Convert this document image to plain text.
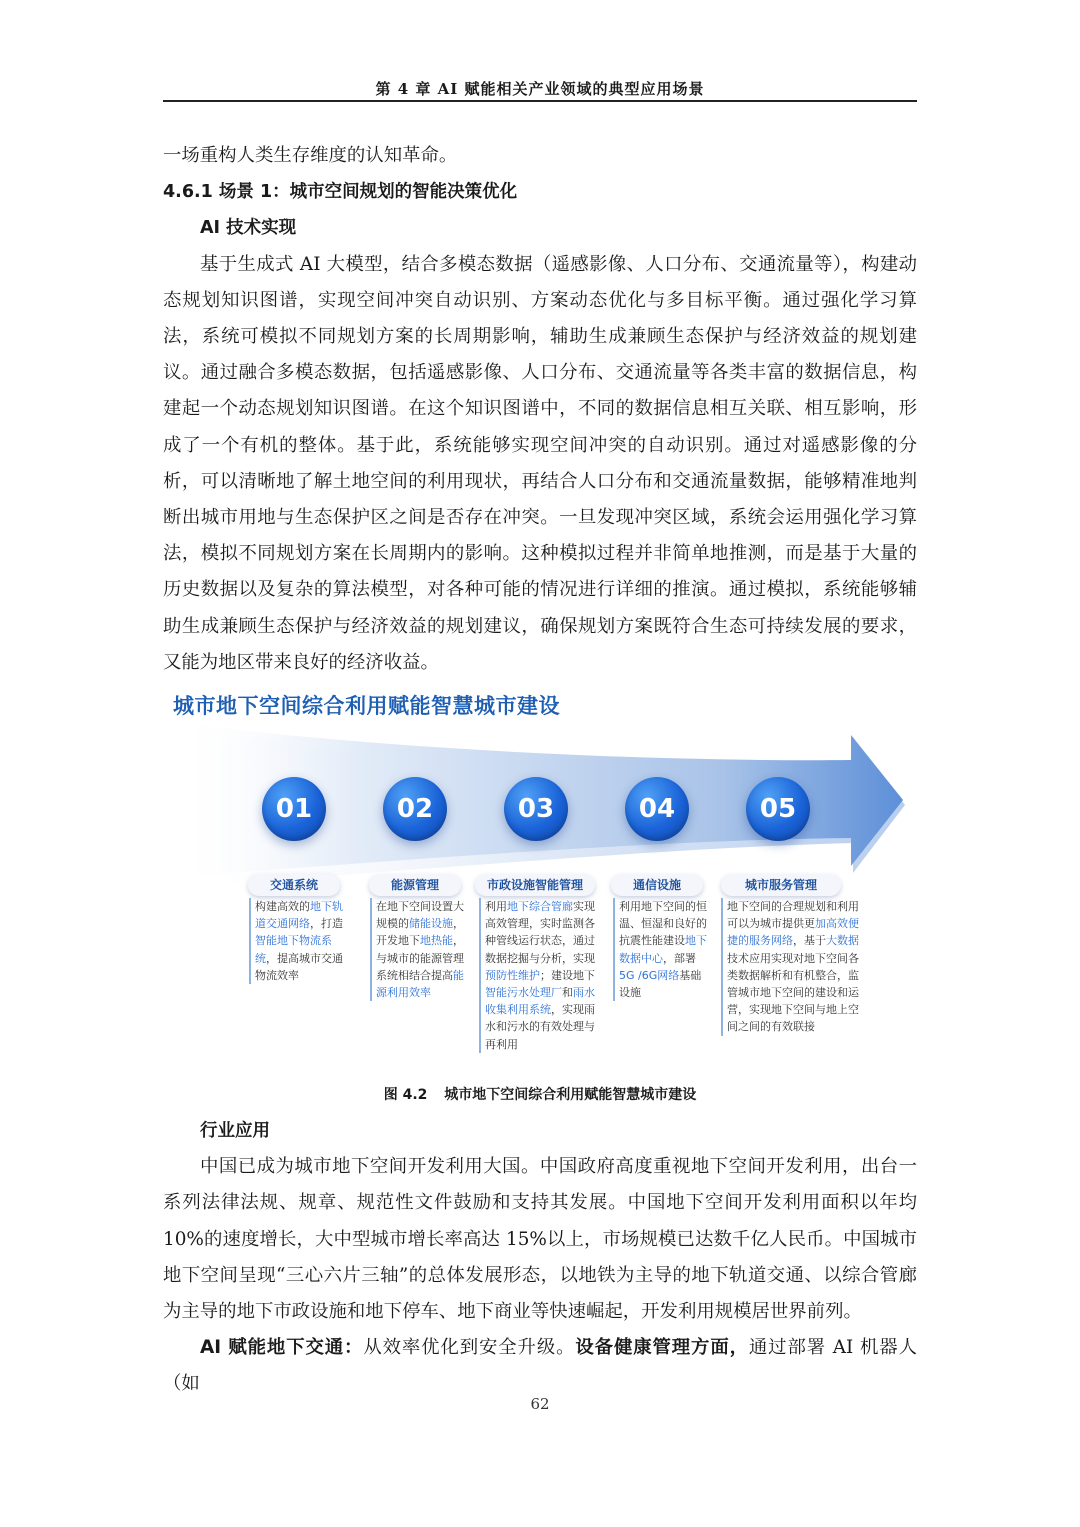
第 4 章 AI 赋能相关产业领域的典型应用场景

一场重构人类生存维度的认知革命。

4.6.1 场景 1：城市空间规划的智能决策优化

AI 技术实现

基于生成式 AI 大模型，结合多模态数据（遥感影像、人口分布、交通流量等），构建动态规划知识图谱，实现空间冲突自动识别、方案动态优化与多目标平衡。通过强化学习算法，系统可模拟不同规划方案的长周期影响，辅助生成兼顾生态保护与经济效益的规划建议。通过融合多模态数据，包括遥感影像、人口分布、交通流量等各类丰富的数据信息，构建起一个动态规划知识图谱。在这个知识图谱中，不同的数据信息相互关联、相互影响，形成了一个有机的整体。基于此，系统能够实现空间冲突的自动识别。通过对遥感影像的分析，可以清晰地了解土地空间的利用现状，再结合人口分布和交通流量数据，能够精准地判断出城市用地与生态保护区之间是否存在冲突。一旦发现冲突区域，系统会运用强化学习算法，模拟不同规划方案在长周期内的影响。这种模拟过程并非简单地推测，而是基于大量的历史数据以及复杂的算法模型，对各种可能的情况进行详细的推演。通过模拟，系统能够辅助生成兼顾生态保护与经济效益的规划建议，确保规划方案既符合生态可持续发展的要求，又能为地区带来良好的经济收益。

城市地下空间综合利用赋能智慧城市建设
01	02	03	04	05
交通系统	能源管理	市政设施智能管理	通信设施	城市服务管理
构建高效的地下轨道交通网络，打造智能地下物流系统，提高城市交通物流效率
在地下空间设置大规模的储能设施，开发地下地热能，与城市的能源管理系统相结合提高能源利用效率
利用地下综合管廊实现高效管理，实时监测各种管线运行状态，通过数据挖掘与分析，实现预防性维护；建设地下智能污水处理厂和雨水收集利用系统，实现雨水和污水的有效处理与再利用
利用地下空间的恒温、恒湿和良好的抗震性能建设地下数据中心，部署 5G /6G网络基础设施
地下空间的合理规划和利用可以为城市提供更加高效便捷的服务网络，基于大数据技术应用实现对地下空间各类数据解析和有机整合，监管城市地下空间的建设和运营，实现地下空间与地上空间之间的有效联接
图 4.2 城市地下空间综合利用赋能智慧城市建设

行业应用

中国已成为城市地下空间开发利用大国。中国政府高度重视地下空间开发利用，出台一系列法律法规、规章、规范性文件鼓励和支持其发展。中国地下空间开发利用面积以年均10%的速度增长，大中型城市增长率高达 15%以上，市场规模已达数千亿人民币。中国城市地下空间呈现“三心六片三轴”的总体发展形态，以地铁为主导的地下轨道交通、以综合管廊为主导的地下市政设施和地下停车、地下商业等快速崛起，开发利用规模居世界前列。

AI 赋能地下交通：从效率优化到安全升级。设备健康管理方面，通过部署 AI 机器人（如

62
